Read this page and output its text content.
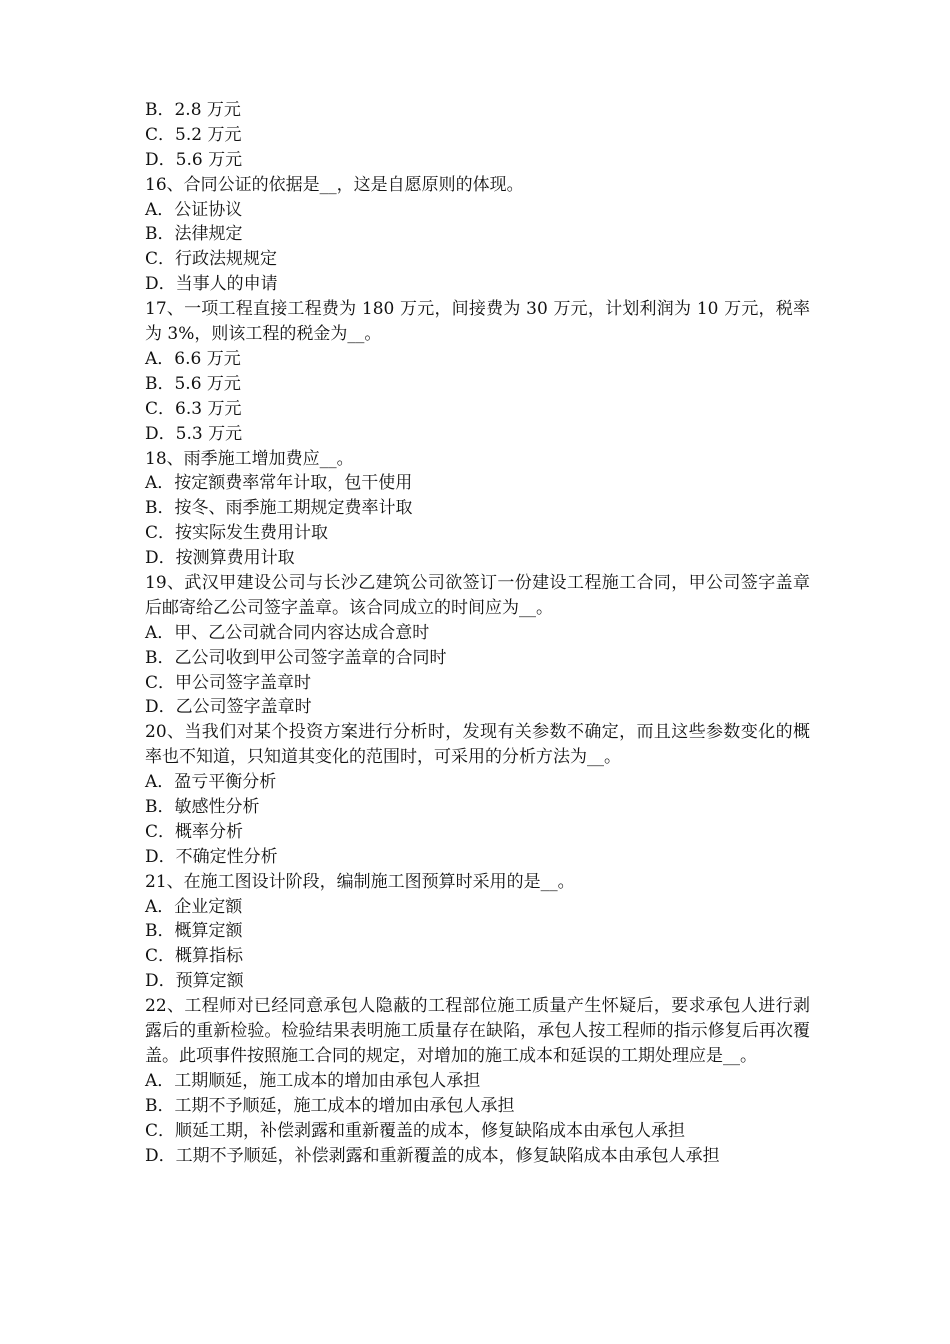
B．2.8 万元
C．5.2 万元
D．5.6 万元
16、合同公证的依据是__，这是自愿原则的体现。
A．公证协议
B．法律规定
C．行政法规规定
D．当事人的申请
17、一项工程直接工程费为 180 万元，间接费为 30 万元，计划利润为 10 万元，税率为 3%，则该工程的税金为__。
A．6.6 万元
B．5.6 万元
C．6.3 万元
D．5.3 万元
18、雨季施工增加费应__。
A．按定额费率常年计取，包干使用
B．按冬、雨季施工期规定费率计取
C．按实际发生费用计取
D．按测算费用计取
19、武汉甲建设公司与长沙乙建筑公司欲签订一份建设工程施工合同，甲公司签字盖章后邮寄给乙公司签字盖章。该合同成立的时间应为__。
A．甲、乙公司就合同内容达成合意时
B．乙公司收到甲公司签字盖章的合同时
C．甲公司签字盖章时
D．乙公司签字盖章时
20、当我们对某个投资方案进行分析时，发现有关参数不确定，而且这些参数变化的概率也不知道，只知道其变化的范围时，可采用的分析方法为__。
A．盈亏平衡分析
B．敏感性分析
C．概率分析
D．不确定性分析
21、在施工图设计阶段，编制施工图预算时采用的是__。
A．企业定额
B．概算定额
C．概算指标
D．预算定额
22、工程师对已经同意承包人隐蔽的工程部位施工质量产生怀疑后，要求承包人进行剥露后的重新检验。检验结果表明施工质量存在缺陷，承包人按工程师的指示修复后再次覆盖。此项事件按照施工合同的规定，对增加的施工成本和延误的工期处理应是__。
A．工期顺延，施工成本的增加由承包人承担
B．工期不予顺延，施工成本的增加由承包人承担
C．顺延工期，补偿剥露和重新覆盖的成本，修复缺陷成本由承包人承担
D．工期不予顺延，补偿剥露和重新覆盖的成本，修复缺陷成本由承包人承担
